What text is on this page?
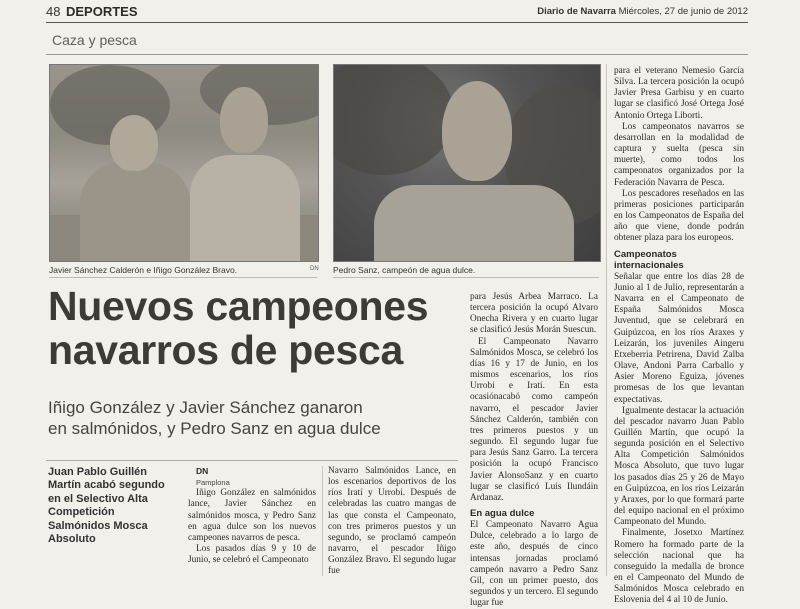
48 DEPORTES	Diario de Navarra Miércoles, 27 de junio de 2012
Caza y pesca
Javier Sánchez Calderón e Iñigo González Bravo.	DN Pedro Sanz, campeón de agua dulce.
Nuevos campeones
navarros de pesca
Iñigo González y Javier Sánchez ganaron
en salmónidos, y Pedro Sanz en agua dulce
Juan Pablo Guillén Martín acabó segundo en el Selectivo Alta Competición Salmónidos Mosca Absoluto

DN

Pamplona

Iñigo González en salmónidos lance, Javier Sánchez en salmónidos mosca, y Pedro Sanz en agua dulce son los nuevos campeones navarros de pesca.

Los pasados días 9 y 10 de Junio, se celebró el Campeonato

Navarro Salmónidos Lance, en los escenarios deportivos de los ríos Iratí y Urrobi. Después de celebradas las cuatro mangas de las que consta el Campeonato, con tres primeros puestos y un segundo, se proclamó campeón navarro, el pescador Iñigo González Bravo. El segundo lugar fue

para Jesús Arbea Marraco. La tercera posición la ocupó Alvaro Onecha Rivera y en cuarto lugar se clasificó Jesús Morán Suescun.

El Campeonato Navarro Salmónidos Mosca, se celebró los días 16 y 17 de Junio, en los mismos escenarios, los ríos Urrobi e Iratí. En esta ocasiónacabó como campeón navarro, el pescador Javier Sánchez Calderón, también con tres primeros puestos y un segundo. El segundo lugar fue para Jesús Sanz Garro. La tercera posición la ocupó Francisco Javier AlonsoSanz y en cuarto lugar se clasificó Luis Ilundáin Ardanaz.

En agua dulce

El Campeonato Navarro Agua Dulce, celebrado a lo largo de este año, después de cinco intensas jornadas proclamó campeón navarro a Pedro Sanz Gil, con un primer puesto, dos segundos y un tercero. El segundo lugar fue

para el veterano Nemesio García Silva. La tercera posición la ocupó Javier Presa Garbisu y en cuarto lugar se clasificó José Ortega José Antonio Ortega Liborti.

Los campeonatos navarros se desarrollan en la modalidad de captura y suelta (pesca sin muerte), como todos los campeonatos organizados por la Federación Navarra de Pesca.

Los pescadores reseñados en las primeras posiciones participarán en los Campeonatos de España del año que viene, donde podrán obtener plaza para los europeos.

Campeonatos internacionales

Señalar que entre los días 28 de Junio al 1 de Julio, representarán a Navarra en el Campeonato de España Salmónidos Mosca Juventud, que se celebrará en Guipúzcoa, en los ríos Araxes y Leizarán, los juveniles Aingeru Etxeberria Petrirena, David Zalba Olave, Andoni Parra Carballo y Asier Moreno Eguiza, jóvenes promesas de los que levantan expectativas.

Igualmente destacar la actuación del pescador navarro Juan Pablo Guillén Martín, que ocupó la segunda posición en el Selectivo Alta Competición Salmónidos Mosca Absoluto, que tuvo lugar los pasados días 25 y 26 de Mayo en Guipúzcoa, en los ríos Leizarán y Araxes, por lo que formará parte del equipo nacional en el próximo Campeonato del Mundo.

Finalmente, Josetxo Martínez Romero ha formado parte de la selección nacional que ha conseguido la medalla de bronce en el Campeonato del Mundo de Salmónidos Mosca celebrado en Eslovenia del 4 al 10 de Junio.
